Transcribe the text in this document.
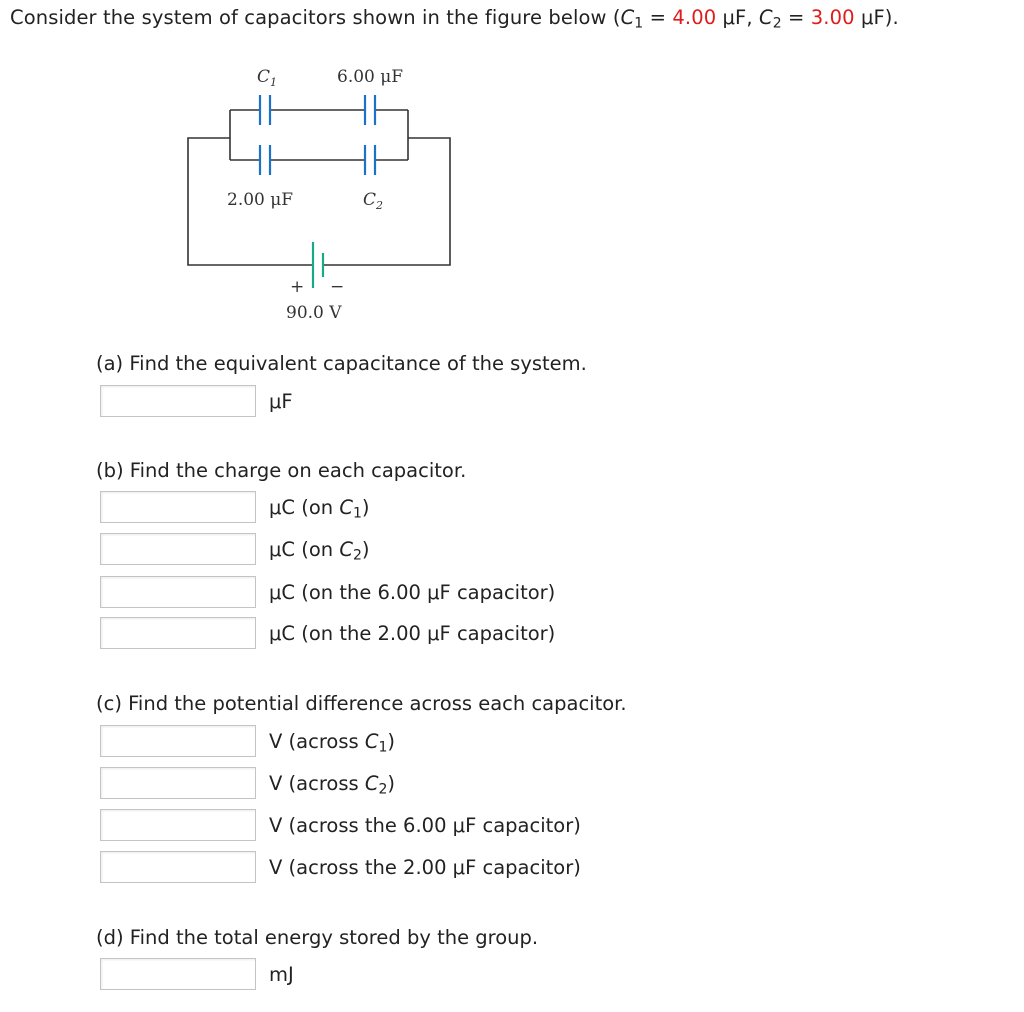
Consider the system of capacitors shown in the figure below ($C_1 = 4.00$ μF, $C_2 = 3.00$ μF).
$C_1$	6.00 μF
2.00 μF	$C_2$
+ −
90.0 V
(a) Find the equivalent capacitance of the system.
μF
(b) Find the charge on each capacitor.
μC (on $C_1$)
μC (on $C_2$)
μC (on the 6.00 μF capacitor)
μC (on the 2.00 μF capacitor)
(c) Find the potential difference across each capacitor.
V (across $C_1$)
V (across $C_2$)
V (across the 6.00 μF capacitor)
V (across the 2.00 μF capacitor)
(d) Find the total energy stored by the group.
mJ
